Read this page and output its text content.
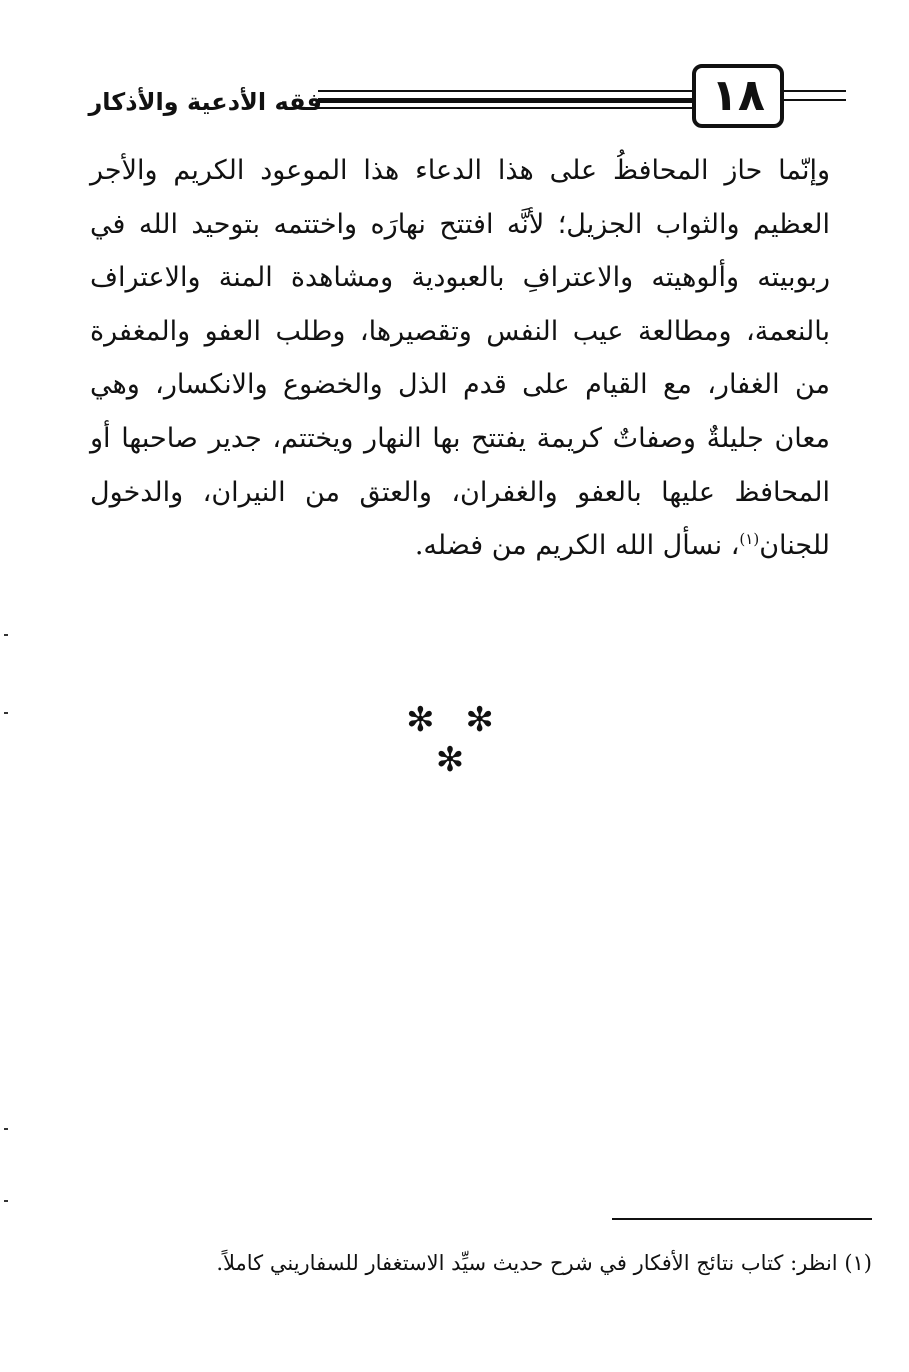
١٨
فقه الأدعية والأذكار
وإنّما حاز المحافظُ على هذا الدعاء هذا الموعود الكريم والأجر العظيم والثواب الجزيل؛ لأنَّه افتتح نهارَه واختتمه بتوحيد الله في ربوبيته وألوهيته والاعترافِ بالعبودية ومشاهدة المنة والاعتراف بالنعمة، ومطالعة عيب النفس وتقصيرها، وطلب العفو والمغفرة من الغفار، مع القيام على قدم الذل والخضوع والانكسار، وهي معان جليلةٌ وصفاتٌ كريمة يفتتح بها النهار ويختتم، جدير صاحبها أو المحافظ عليها بالعفو والغفران، والعتق من النيران، والدخول للجنان$^{(١)}$، نسأل الله الكريم من فضله.
✻ ✻ ✻
(١) انظر: كتاب نتائج الأفكار في شرح حديث سيِّد الاستغفار للسفاريني كاملاً.
